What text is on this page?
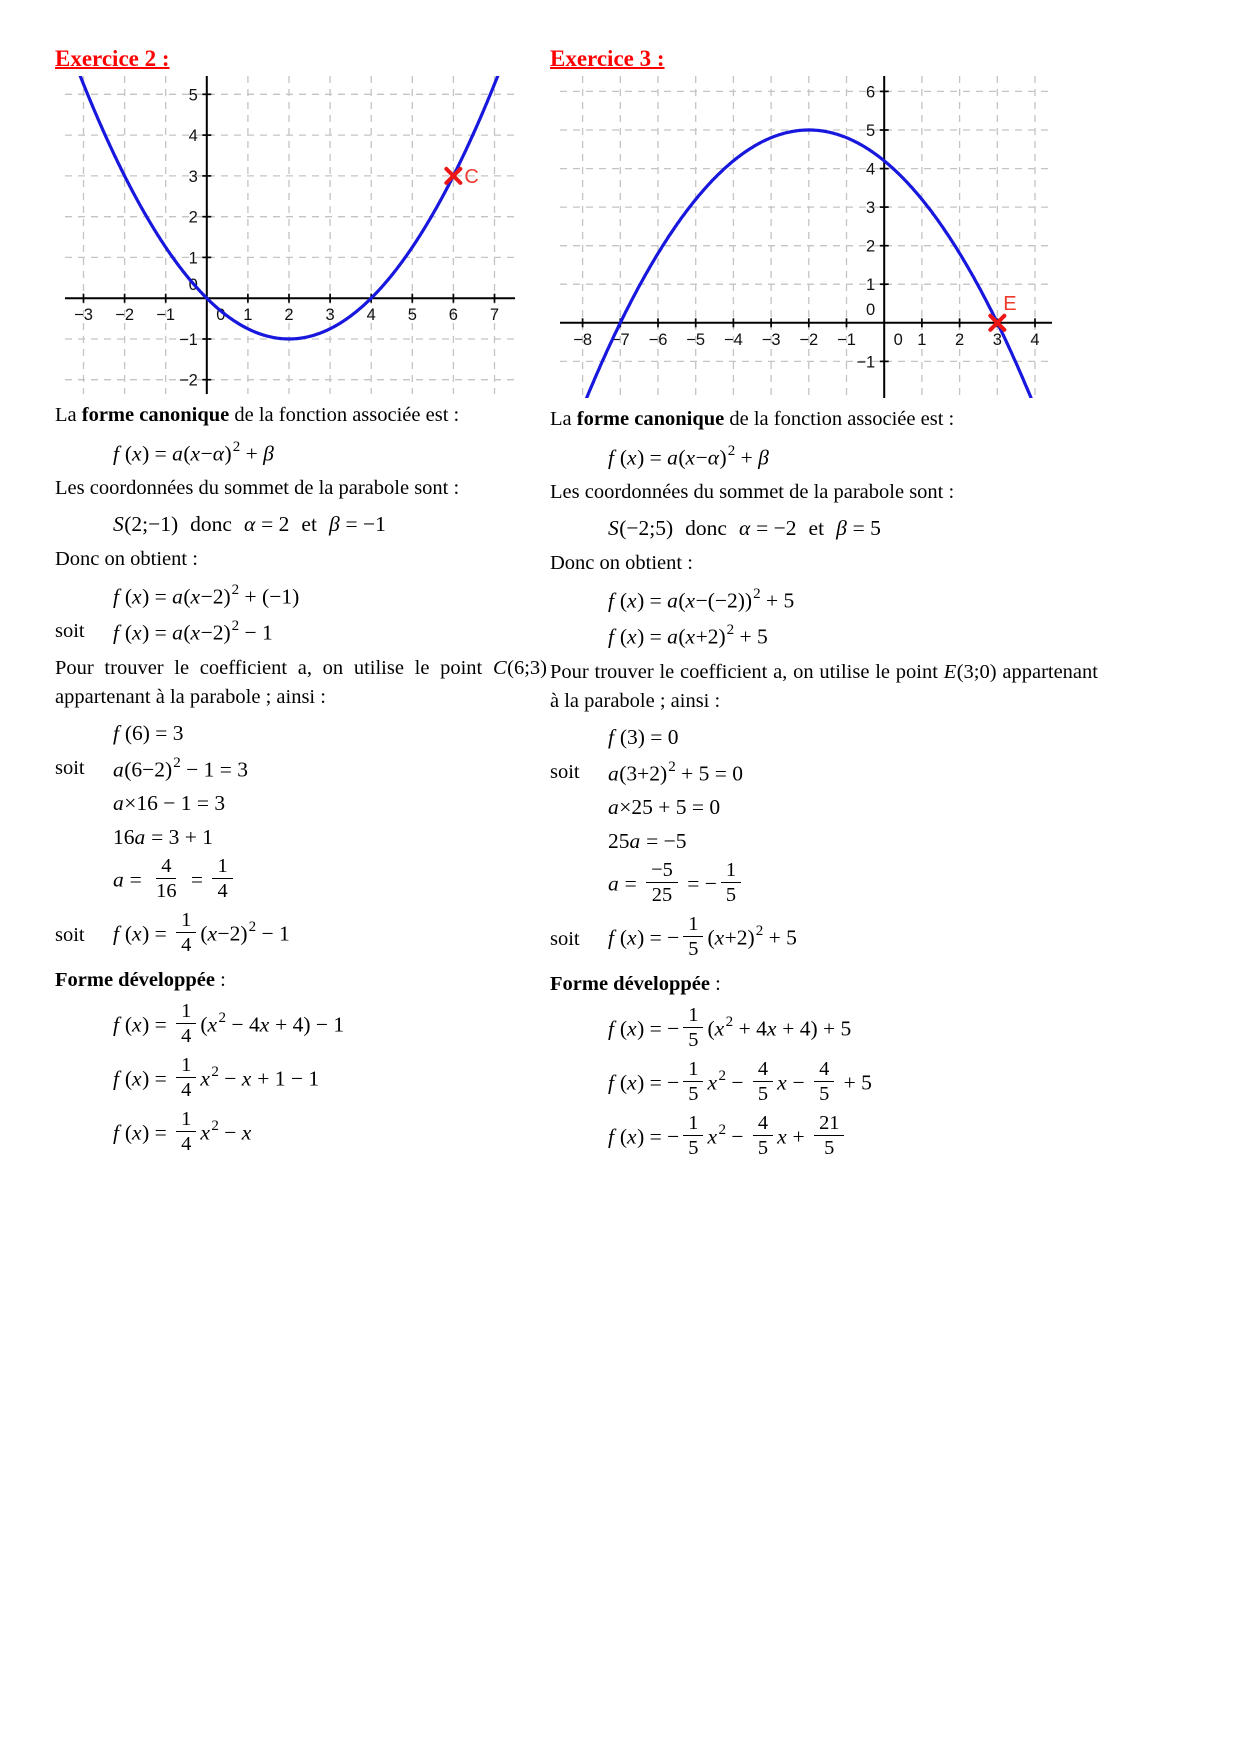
Exercice 2 :
−3 −2 −1 0 1 2 3 4 5 6 7
−2
−1
0
1
2
3
4
5
C

La forme canonique de la fonction associée est :

f $(x) = a(x-\alpha)^2 + \beta$

Les coordonnées du sommet de la parabole sont :

S(2;−1) donc α = 2 et β = −1

Donc on obtient :

f $(x) = a(x-2)^2 + (-1)$
soit	f $(x) = a(x-2)^2 - 1$

Pour trouver le coefficient a, on utilise le point C(6;3) appartenant à la parabole ; ainsi :

f (6) = 3
soit	$a(6-2)^2 - 1 = 3$
a×16 − 1 = 3
16a = 3 + 1
$a = \frac{4}{16} = \frac{1}{4}$
soit	f $(x) = \frac{1}{4} (x-2)^2 - 1$

Forme développée :

f $(x) = \frac{1}{4} (x^2 - 4x + 4) - 1$
f $(x) = \frac{1}{4} x^2 - x + 1 - 1$
f $(x) = \frac{1}{4} x^2 - x$
Exercice 3 :
−8 −7 −6 −5 −4 −3 −2 −1 0 1 2 3 4
−1
0
1
2
3
4
5
6
E

La forme canonique de la fonction associée est :

f $(x) = a(x-\alpha)^2 + \beta$

Les coordonnées du sommet de la parabole sont :

S(−2;5) donc α = −2 et β = 5

Donc on obtient :

f $(x) = a(x-(-2))^2 + 5$
f $(x) = a(x+2)^2 + 5$

Pour trouver le coefficient a, on utilise le point E(3;0) appartenant à la parabole ; ainsi :

f (3) = 0
soit	$a(3+2)^2 + 5 = 0$
a×25 + 5 = 0
25a = −5
$a = \frac{-5}{25}$ = − $\frac{1}{5}$
soit	f (x) = − $\frac{1}{5} (x+2)^2 + 5$

Forme développée :

f (x) = − $\frac{1}{5} (x^2 + 4x + 4) + 5$
f (x) = − $\frac{1}{5} x^2 - \frac{4}{5}$ $x - \frac{4}{5} + 5$
f (x) = − $\frac{1}{5} x^2 - \frac{4}{5}$ $x + \frac{21}{5}$
